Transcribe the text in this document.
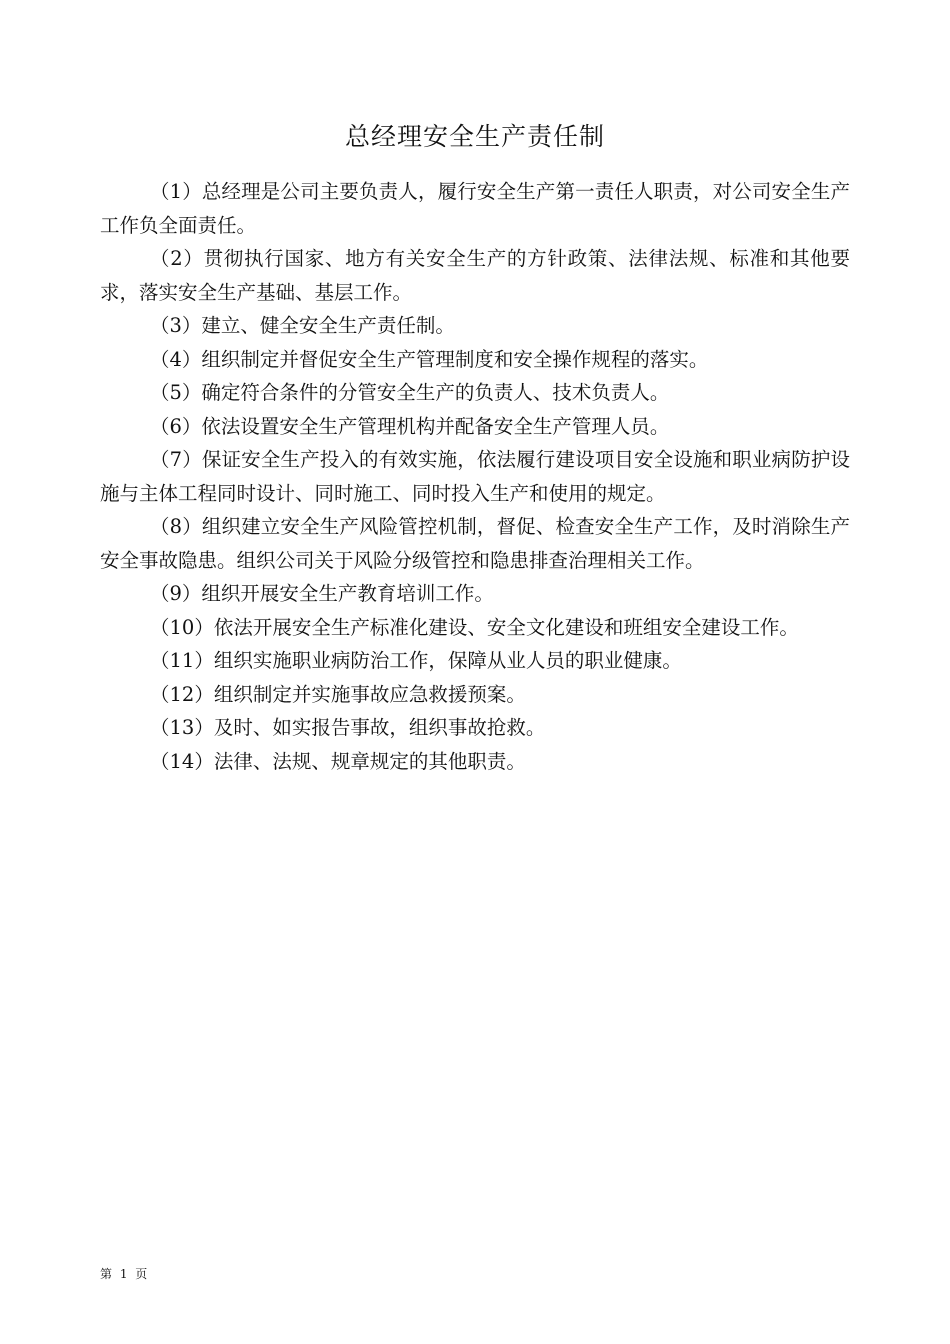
总经理安全生产责任制

（1）总经理是公司主要负责人，履行安全生产第一责任人职责，对公司安全生产工作负全面责任。

（2）贯彻执行国家、地方有关安全生产的方针政策、法律法规、标准和其他要求，落实安全生产基础、基层工作。

（3）建立、健全安全生产责任制。

（4）组织制定并督促安全生产管理制度和安全操作规程的落实。

（5）确定符合条件的分管安全生产的负责人、技术负责人。

（6）依法设置安全生产管理机构并配备安全生产管理人员。

（7）保证安全生产投入的有效实施，依法履行建设项目安全设施和职业病防护设施与主体工程同时设计、同时施工、同时投入生产和使用的规定。

（8）组织建立安全生产风险管控机制，督促、检查安全生产工作，及时消除生产安全事故隐患。组织公司关于风险分级管控和隐患排查治理相关工作。

（9）组织开展安全生产教育培训工作。

（10）依法开展安全生产标准化建设、安全文化建设和班组安全建设工作。

（11）组织实施职业病防治工作，保障从业人员的职业健康。

（12）组织制定并实施事故应急救援预案。

（13）及时、如实报告事故，组织事故抢救。

（14）法律、法规、规章规定的其他职责。

第 1 页
